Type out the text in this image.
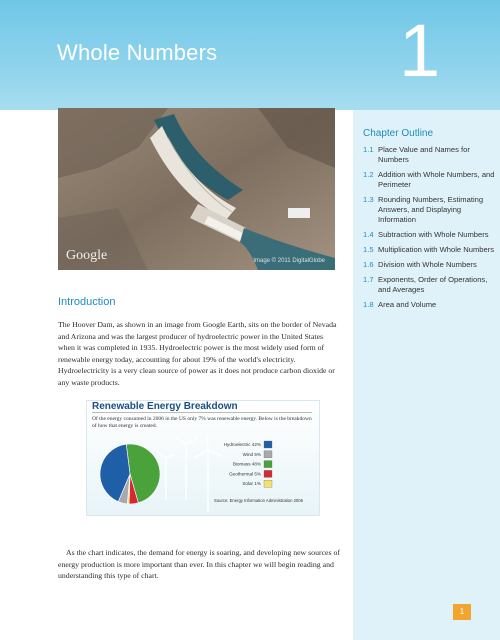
Whole Numbers 1
Google	Image © 2011 DigitalGlobe
Chapter Outline
1.1 Place Value and Names for Numbers
1.2 Addition with Whole Numbers, and Perimeter
1.3 Rounding Numbers, Estimating Answers, and Displaying Information
1.4 Subtraction with Whole Numbers
1.5 Multiplication with Whole Numbers
1.6 Division with Whole Numbers
1.7 Exponents, Order of Operations, and Averages
1.8 Area and Volume
Introduction

The Hoover Dam, as shown in an image from Google Earth, sits on the border of Nevada and Arizona and was the largest producer of hydroelectric power in the United States when it was completed in 1935. Hydroelectric power is the most widely used form of renewable energy today, accounting for about 19% of the world's electricity. Hydroelectricity is a very clean source of power as it does not produce carbon dioxide or any waste products.

Renewable Energy Breakdown

Of the energy consumed in 2006 in the US only 7% was renewable energy. Below is the breakdown of how that energy is created.

Hydroelectric 42%
Wind 5%
Biomass 48%
Geothermal 5%
Solar 1%
Source: Energy Information Administration 2006

As the chart indicates, the demand for energy is soaring, and developing new sources of energy production is more important than ever. In this chapter we will begin reading and understanding this type of chart.

1
